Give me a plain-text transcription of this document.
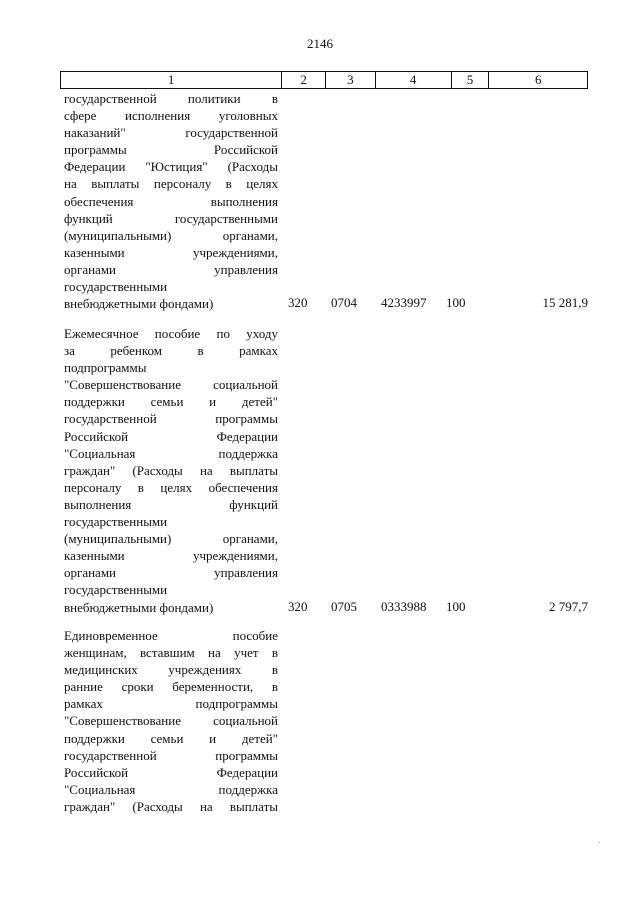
2146
1	2	3	4	5	6
государственной политики в
сфере исполнения уголовных
наказаний" государственной
программы Российской
Федерации "Юстиция" (Расходы
на выплаты персоналу в целях
обеспечения выполнения
функций государственными
(муниципальными) органами,
казенными учреждениями,
органами управления
государственными
внебюджетными фондами)	320 0704 4233997 100	15 281,9
Ежемесячное пособие по уходу
за ребенком в рамках
подпрограммы
"Совершенствование социальной
поддержки семьи и детей"
государственной программы
Российской Федерации
"Социальная поддержка
граждан" (Расходы на выплаты
персоналу в целях обеспечения
выполнения функций
государственными
(муниципальными) органами,
казенными учреждениями,
органами управления
государственными
внебюджетными фондами)	320 0705 0333988 100	2 797,7
Единовременное пособие
женщинам, вставшим на учет в
медицинских учреждениях в
ранние сроки беременности, в
рамках подпрограммы
"Совершенствование социальной
поддержки семьи и детей"
государственной программы
Российской Федерации
"Социальная поддержка
граждан" (Расходы на выплаты
